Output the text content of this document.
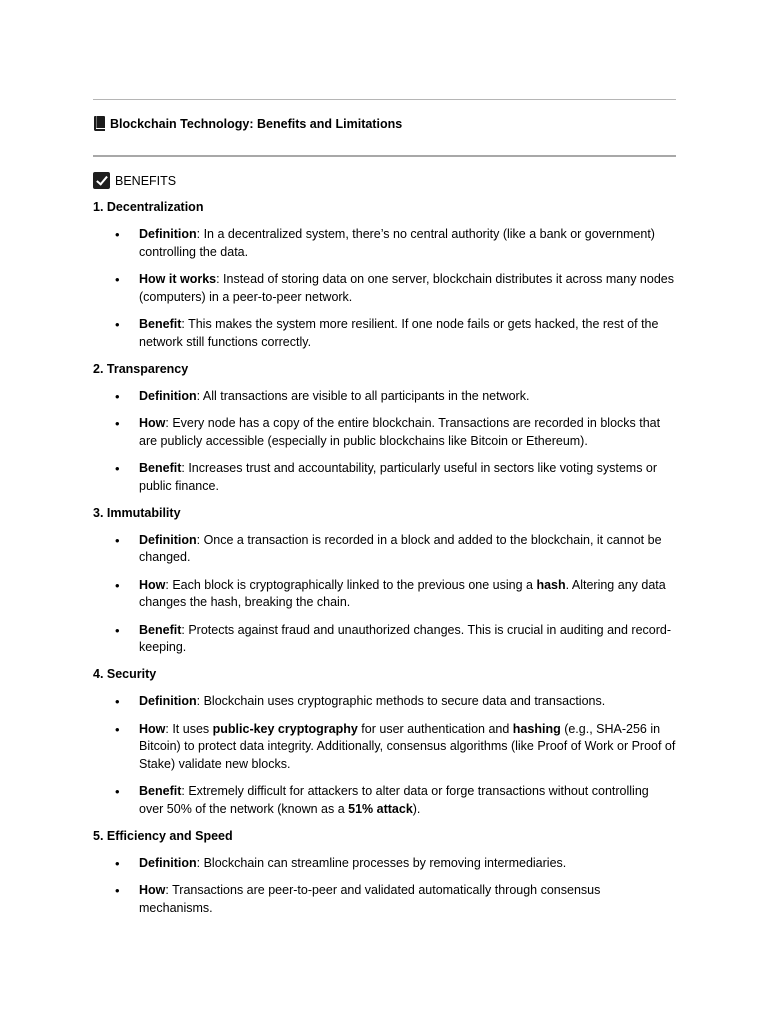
Blockchain Technology: Benefits and Limitations
BENEFITS
1. Decentralization
• Definition: In a decentralized system, there’s no central authority (like a bank or government) controlling the data.
• How it works: Instead of storing data on one server, blockchain distributes it across many nodes (computers) in a peer-to-peer network.
• Benefit: This makes the system more resilient. If one node fails or gets hacked, the rest of the network still functions correctly.
2. Transparency
• Definition: All transactions are visible to all participants in the network.
• How: Every node has a copy of the entire blockchain. Transactions are recorded in blocks that are publicly accessible (especially in public blockchains like Bitcoin or Ethereum).
• Benefit: Increases trust and accountability, particularly useful in sectors like voting systems or public finance.
3. Immutability
• Definition: Once a transaction is recorded in a block and added to the blockchain, it cannot be changed.
• How: Each block is cryptographically linked to the previous one using a hash. Altering any data changes the hash, breaking the chain.
• Benefit: Protects against fraud and unauthorized changes. This is crucial in auditing and record-keeping.
4. Security
• Definition: Blockchain uses cryptographic methods to secure data and transactions.
• How: It uses public-key cryptography for user authentication and hashing (e.g., SHA-256 in Bitcoin) to protect data integrity. Additionally, consensus algorithms (like Proof of Work or Proof of Stake) validate new blocks.
• Benefit: Extremely difficult for attackers to alter data or forge transactions without controlling over 50% of the network (known as a 51% attack).
5. Efficiency and Speed
• Definition: Blockchain can streamline processes by removing intermediaries.
• How: Transactions are peer-to-peer and validated automatically through consensus mechanisms.
